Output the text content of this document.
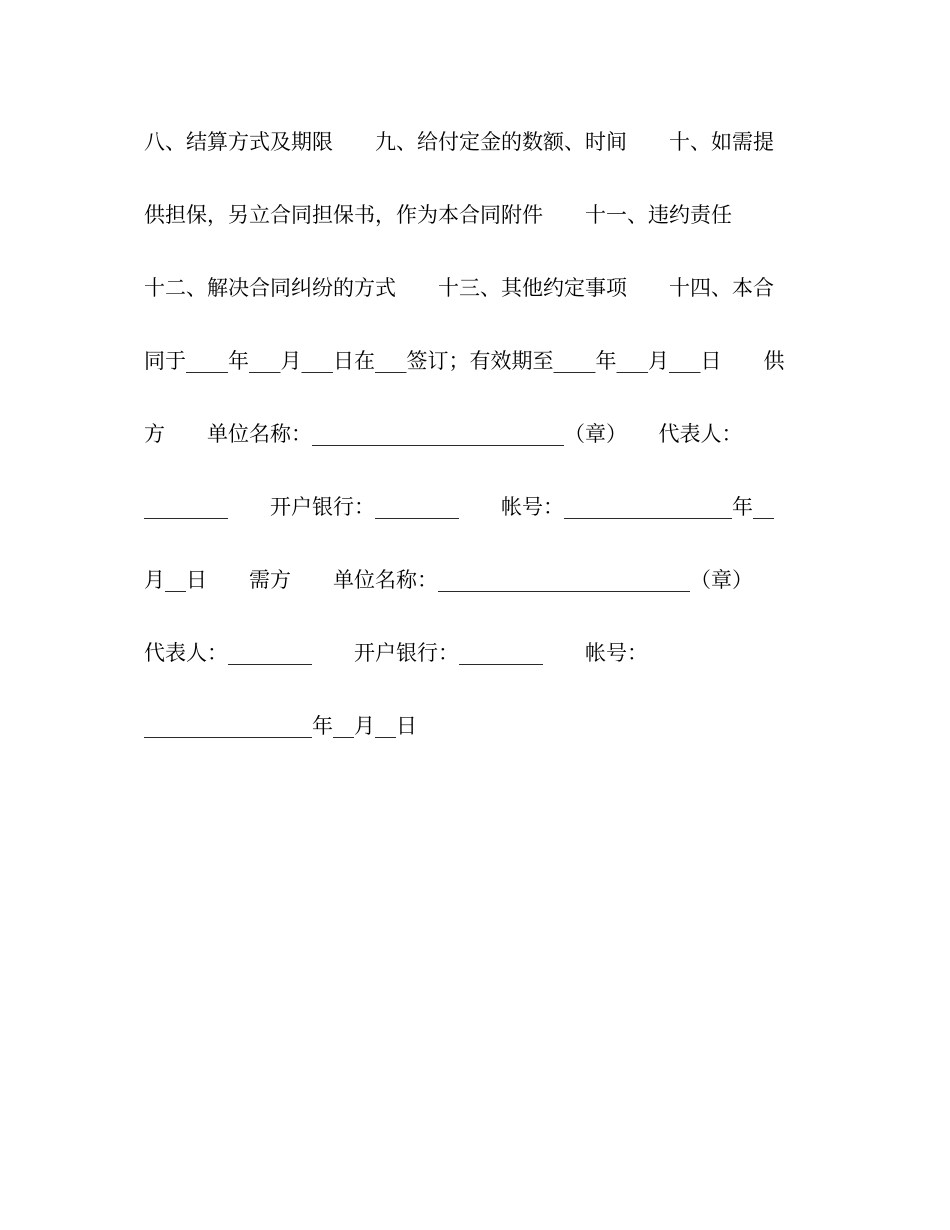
八、结算方式及期限　　九、给付定金的数额、时间　　十、如需提
供担保，另立合同担保书，作为本合同附件　　十一、违约责任
十二、解决合同纠纷的方式　　十三、其他约定事项　　十四、本合
同于____年___月___日在___签订；有效期至____年___月___日　　供
方　　单位名称：________________________（章）　　代表人：
________　　开户银行：________　　帐号：________________年__
月__日　　需方　　单位名称：________________________（章）
代表人：________　　开户银行：________　　帐号：
________________年__月__日
